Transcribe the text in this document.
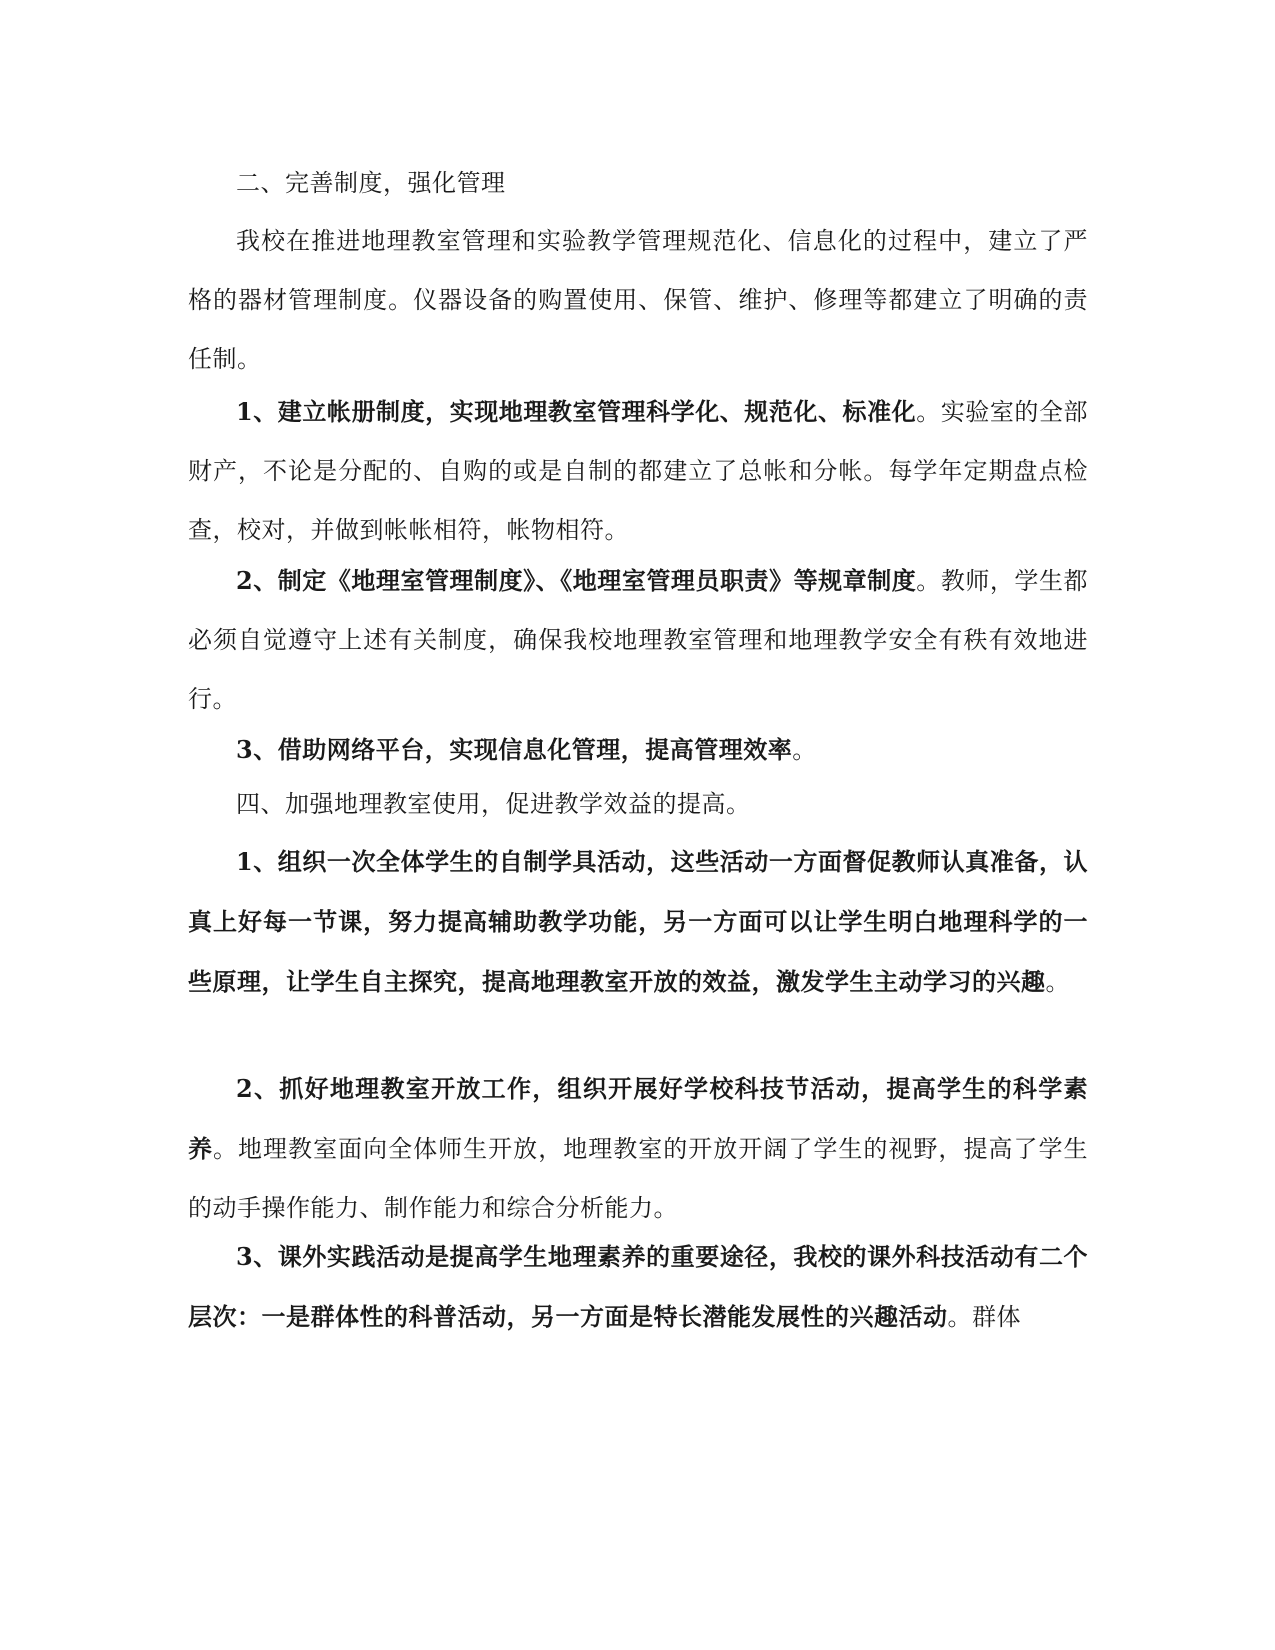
二、完善制度，强化管理

我校在推进地理教室管理和实验教学管理规范化、信息化的过程中，建立了严格的器材管理制度。仪器设备的购置使用、保管、维护、修理等都建立了明确的责任制。

1、建立帐册制度，实现地理教室管理科学化、规范化、标准化。实验室的全部财产，不论是分配的、自购的或是自制的都建立了总帐和分帐。每学年定期盘点检查，校对，并做到帐帐相符，帐物相符。

2、制定《地理室管理制度》、《地理室管理员职责》等规章制度。教师，学生都必须自觉遵守上述有关制度，确保我校地理教室管理和地理教学安全有秩有效地进行。

3、借助网络平台，实现信息化管理，提高管理效率。

四、加强地理教室使用，促进教学效益的提高。

1、组织一次全体学生的自制学具活动，这些活动一方面督促教师认真准备，认真上好每一节课，努力提高辅助教学功能，另一方面可以让学生明白地理科学的一些原理，让学生自主探究，提高地理教室开放的效益，激发学生主动学习的兴趣。

2、抓好地理教室开放工作，组织开展好学校科技节活动，提高学生的科学素养。地理教室面向全体师生开放，地理教室的开放开阔了学生的视野，提高了学生的动手操作能力、制作能力和综合分析能力。

3、课外实践活动是提高学生地理素养的重要途径，我校的课外科技活动有二个层次：一是群体性的科普活动，另一方面是特长潜能发展性的兴趣活动。群体
